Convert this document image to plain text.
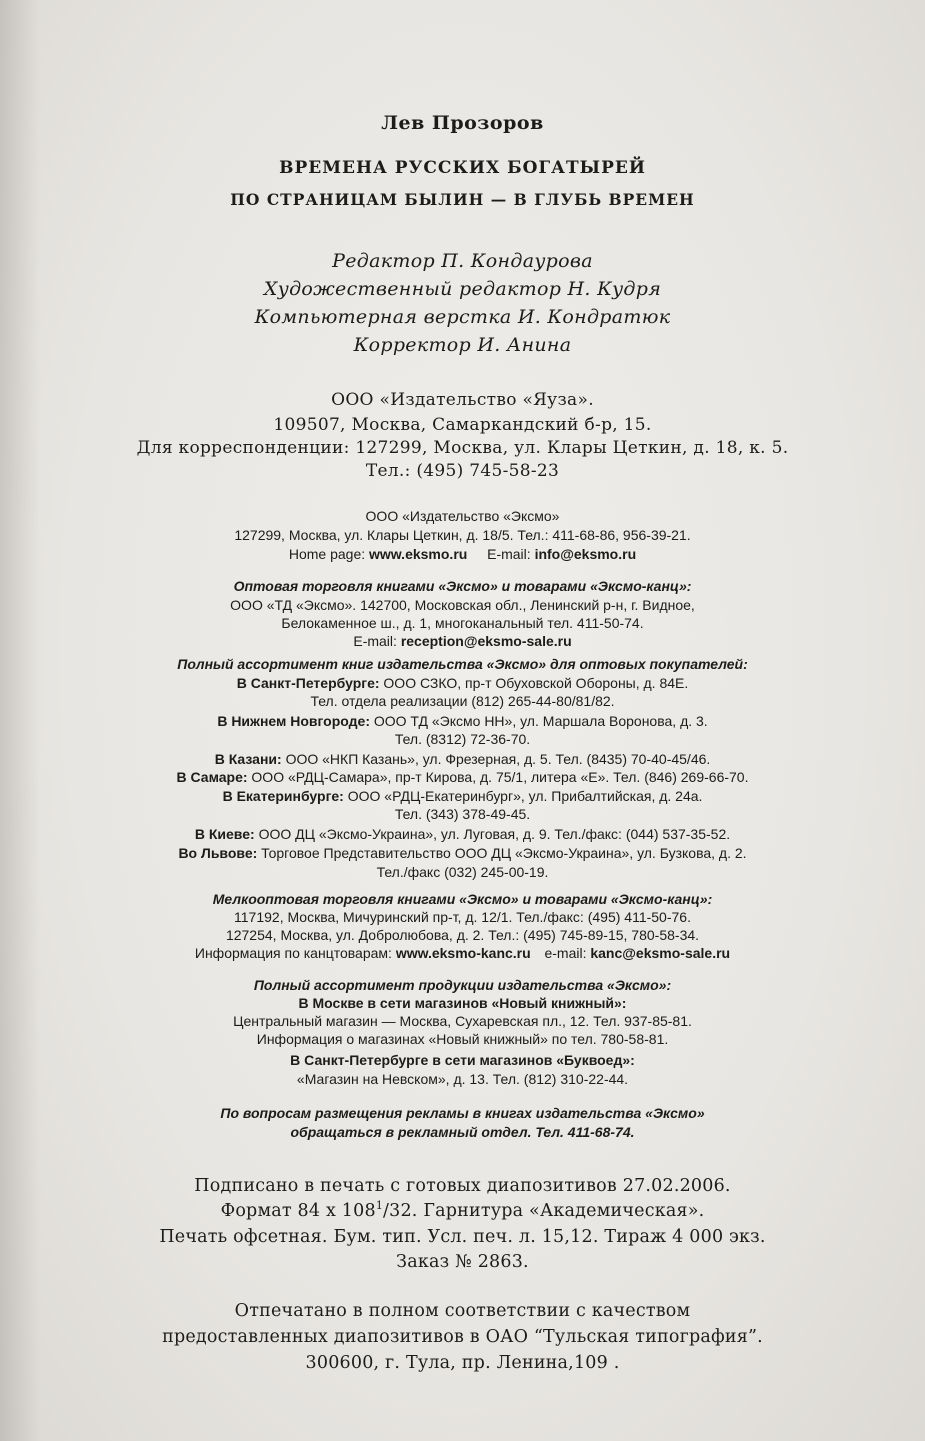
Лев Прозоров
ВРЕМЕНА РУССКИХ БОГАТЫРЕЙ
ПО СТРАНИЦАМ БЫЛИН — В ГЛУБЬ ВРЕМЕН
Редактор П. Кондаурова
Художественный редактор Н. Кудря
Компьютерная верстка И. Кондратюк
Корректор И. Анина
ООО «Издательство «Яуза».
109507, Москва, Самаркандский б-р, 15.
Для корреспонденции: 127299, Москва, ул. Клары Цеткин, д. 18, к. 5.
Тел.: (495) 745-58-23
ООО «Издательство «Эксмо»
127299, Москва, ул. Клары Цеткин, д. 18/5. Тел.: 411-68-86, 956-39-21.
Home page: www.eksmo.ru E-mail: info@eksmo.ru
Оптовая торговля книгами «Эксмо» и товарами «Эксмо-канц»:
ООО «ТД «Эксмо». 142700, Московская обл., Ленинский р-н, г. Видное,
Белокаменное ш., д. 1, многоканальный тел. 411-50-74.
E-mail: reception@eksmo-sale.ru
Полный ассортимент книг издательства «Эксмо» для оптовых покупателей:
В Санкт-Петербурге: ООО СЗКО, пр-т Обуховской Обороны, д. 84Е.
Тел. отдела реализации (812) 265-44-80/81/82.
В Нижнем Новгороде: ООО ТД «Эксмо НН», ул. Маршала Воронова, д. 3.
Тел. (8312) 72-36-70.
В Казани: ООО «НКП Казань», ул. Фрезерная, д. 5. Тел. (8435) 70-40-45/46.
В Самаре: ООО «РДЦ-Самара», пр-т Кирова, д. 75/1, литера «Е». Тел. (846) 269-66-70.
В Екатеринбурге: ООО «РДЦ-Екатеринбург», ул. Прибалтийская, д. 24а.
Тел. (343) 378-49-45.
В Киеве: ООО ДЦ «Эксмо-Украина», ул. Луговая, д. 9. Тел./факс: (044) 537-35-52.
Во Львове: Торговое Представительство ООО ДЦ «Эксмо-Украина», ул. Бузкова, д. 2.
Тел./факс (032) 245-00-19.
Мелкооптовая торговля книгами «Эксмо» и товарами «Эксмо-канц»:
117192, Москва, Мичуринский пр-т, д. 12/1. Тел./факс: (495) 411-50-76.
127254, Москва, ул. Добролюбова, д. 2. Тел.: (495) 745-89-15, 780-58-34.
Информация по канцтоварам: www.eksmo-kanc.ru e-mail: kanc@eksmo-sale.ru
Полный ассортимент продукции издательства «Эксмо»:
В Москве в сети магазинов «Новый книжный»:
Центральный магазин — Москва, Сухаревская пл., 12. Тел. 937-85-81.
Информация о магазинах «Новый книжный» по тел. 780-58-81.
В Санкт-Петербурге в сети магазинов «Буквоед»:
«Магазин на Невском», д. 13. Тел. (812) 310-22-44.
По вопросам размещения рекламы в книгах издательства «Эксмо»
обращаться в рекламный отдел. Тел. 411-68-74.
Подписано в печать с готовых диапозитивов 27.02.2006.
Формат 84 х $108^1/32$. Гарнитура «Академическая».
Печать офсетная. Бум. тип. Усл. печ. л. 15,12. Тираж 4 000 экз.
Заказ № 2863.
Отпечатано в полном соответствии с качеством
предоставленных диапозитивов в ОАО “Тульская типография”.
300600, г. Тула, пр. Ленина,109 .
